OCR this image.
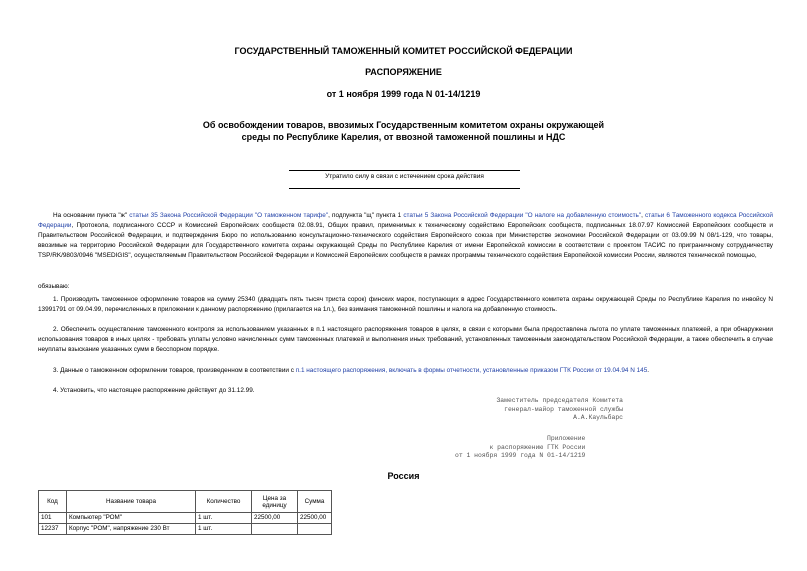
ГОСУДАРСТВЕННЫЙ ТАМОЖЕННЫЙ КОМИТЕТ РОССИЙСКОЙ ФЕДЕРАЦИИ
РАСПОРЯЖЕНИЕ
от 1 ноября 1999 года N 01-14/1219
Об освобождении товаров, ввозимых Государственным комитетом охраны окружающей среды по Республике Карелия, от ввозной таможенной пошлины и НДС
Утратило силу в связи с истечением срока действия
На основании пункта "ж" статьи 35 Закона Российской Федерации "О таможенном тарифе", подпункта "щ" пункта 1 статьи 5 Закона Российской Федерации "О налоге на добавленную стоимость", статьи 6 Таможенного кодекса Российской Федерации, Протокола, подписанного СССР и Комиссией Европейских сообществ 02.08.91, Общих правил, применимых к техническому содействию Европейских сообществ, подписанных 18.07.97 Комиссией Европейских сообществ и Правительством Российской Федерации, и подтверждения Бюро по использованию консультационно-технического содействия Европейского союза при Министерстве экономики Российской Федерации от 03.09.99 N 08/1-129, что товары, ввозимые на территорию Российской Федерации для Государственного комитета охраны окружающей Среды по Республике Карелия от имени Европейской комиссии в соответствии с проектом ТАСИС по приграничному сотрудничеству TSP/RK/9803/0946 "MSEDIGIS", осуществляемым Правительством Российской Федерации и Комиссией Европейских сообществ в рамках программы технического содействия Европейской комиссии России, являются технической помощью,
обязываю:
1. Производить таможенное оформление товаров на сумму 25340 (двадцать пять тысяч триста сорок) финских марок, поступающих в адрес Государственного комитета охраны окружающей Среды по Республике Карелия по инвойсу N 13991791 от 09.04.99, перечисленных в приложении к данному распоряжению (прилагается на 1л.), без взимания таможенной пошлины и налога на добавленную стоимость.
2. Обеспечить осуществление таможенного контроля за использованием указанных в п.1 настоящего распоряжения товаров в целях, в связи с которыми была предоставлена льгота по уплате таможенных платежей, а при обнаружении использования товаров в иных целях - требовать уплаты условно начисленных сумм таможенных платежей и выполнения иных требований, установленных таможенным законодательством Российской Федерации, а также обеспечить в случае неуплаты взыскание указанных сумм в бесспорном порядке.
3. Данные о таможенном оформлении товаров, произведенном в соответствии с п.1 настоящего распоряжения, включать в формы отчетности, установленные приказом ГТК России от 19.04.94 N 145.
4. Установить, что настоящее распоряжение действует до 31.12.99.
Заместитель председателя Комитета
генерал-майор таможенной службы
А.А.Каульбарс
Приложение
к распоряжению ГТК России
от 1 ноября 1999 года N 01-14/1219
Россия
Код	Название товара	Количество	Цена за единицу	Сумма
101	Компьютер "РОМ"	1 шт.	22500,00	22500,00
12237	Корпус "РОМ", напряжение 230 Вт	1 шт.		
